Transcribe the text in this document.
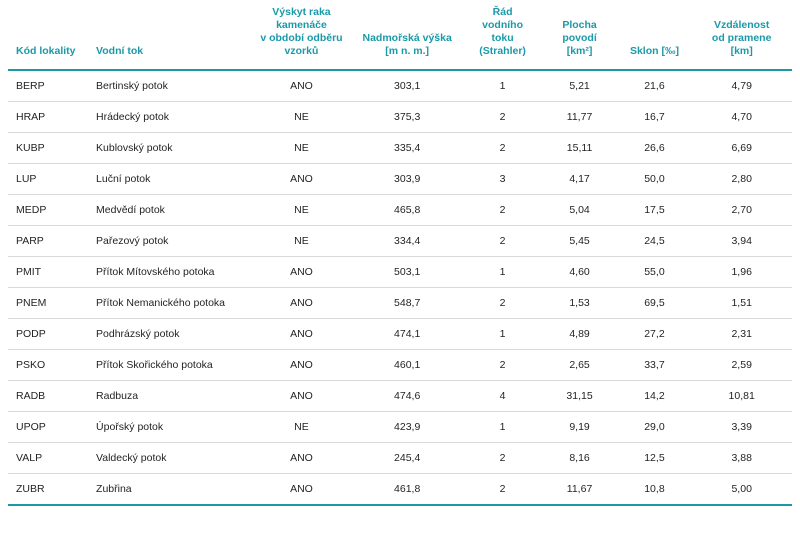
Kód lokality	Vodní tok	Výskyt raka
kamenáče
v období odběru
vzorků	Nadmořská výška
[m n. m.]	Řád
vodního
toku
(Strahler)	Plocha
povodí
[km²]	Sklon [‰]	Vzdálenost
od pramene
[km]

BERP	Bertinský potok	ANO	303,1	1	5,21	21,6	4,79
HRAP	Hrádecký potok	NE	375,3	2	11,77	16,7	4,70
KUBP	Kublovský potok	NE	335,4	2	15,11	26,6	6,69
LUP	Luční potok	ANO	303,9	3	4,17	50,0	2,80
MEDP	Medvědí potok	NE	465,8	2	5,04	17,5	2,70
PARP	Pařezový potok	NE	334,4	2	5,45	24,5	3,94
PMIT	Přítok Mítovského potoka	ANO	503,1	1	4,60	55,0	1,96
PNEM	Přítok Nemanického potoka	ANO	548,7	2	1,53	69,5	1,51
PODP	Podhrázský potok	ANO	474,1	1	4,89	27,2	2,31
PSKO	Přítok Skořického potoka	ANO	460,1	2	2,65	33,7	2,59
RADB	Radbuza	ANO	474,6	4	31,15	14,2	10,81
UPOP	Úpořský potok	NE	423,9	1	9,19	29,0	3,39
VALP	Valdecký potok	ANO	245,4	2	8,16	12,5	3,88
ZUBR	Zubřina	ANO	461,8	2	11,67	10,8	5,00
